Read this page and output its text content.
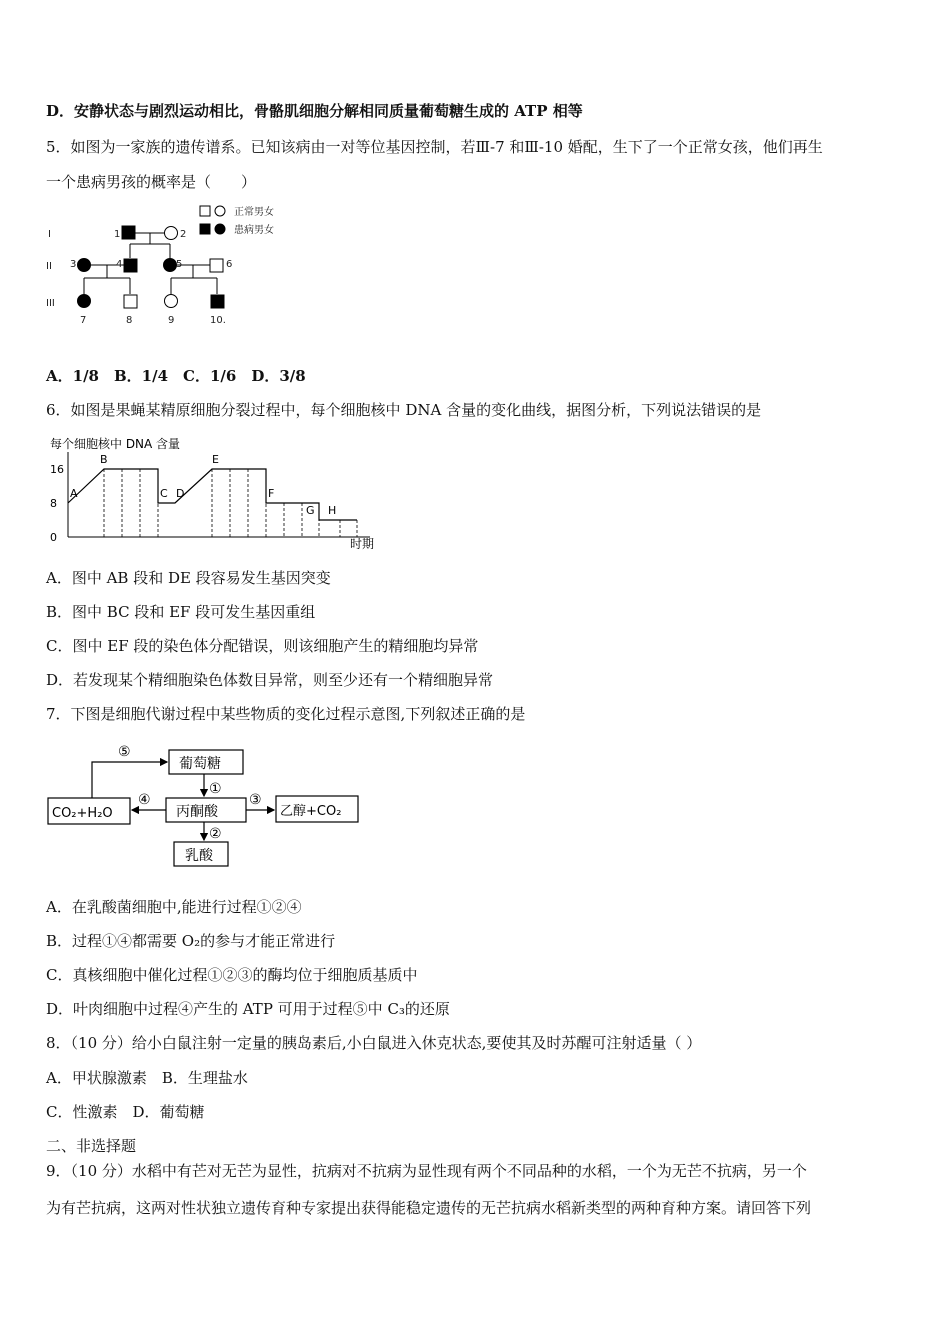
D．安静状态与剧烈运动相比，骨骼肌细胞分解相同质量葡萄糖生成的 ATP 相等
5．如图为一家族的遗传谱系。已知该病由一对等位基因控制，若Ⅲ-7 和Ⅲ-10 婚配，生下了一个正常女孩，他们再生
一个患病男孩的概率是（　　）
正常男女
患病男女
I
II
III
1	2
3	4	5	6
7	8	9	10.
A．1/8　B．1/4　C．1/6　D．3/8
6．如图是果蝇某精原细胞分裂过程中，每个细胞核中 DNA 含量的变化曲线，据图分析，下列说法错误的是
每个细胞核中 DNA 含量
时期
0
8
16
A
B
C D
E
F
G H
A．图中 AB 段和 DE 段容易发生基因突变
B．图中 BC 段和 EF 段可发生基因重组
C．图中 EF 段的染色体分配错误，则该细胞产生的精细胞均异常
D．若发现某个精细胞染色体数目异常，则至少还有一个精细胞异常
7．下图是细胞代谢过程中某些物质的变化过程示意图,下列叙述正确的是
葡萄糖
丙酮酸
CO₂+H₂O	乙醇+CO₂
乳酸
①
②
③
④
⑤
A．在乳酸菌细胞中,能进行过程①②④
B．过程①④都需要 O₂的参与才能正常进行
C．真核细胞中催化过程①②③的酶均位于细胞质基质中
D．叶肉细胞中过程④产生的 ATP 可用于过程⑤中 C₃的还原
8．（10 分）给小白鼠注射一定量的胰岛素后,小白鼠进入休克状态,要使其及时苏醒可注射适量（ ）
A．甲状腺激素　B．生理盐水
C．性激素　D．葡萄糖
二、非选择题
9．（10 分）水稻中有芒对无芒为显性，抗病对不抗病为显性现有两个不同品种的水稻，一个为无芒不抗病，另一个
为有芒抗病，这两对性状独立遗传育种专家提出获得能稳定遗传的无芒抗病水稻新类型的两种育种方案。请回答下列
